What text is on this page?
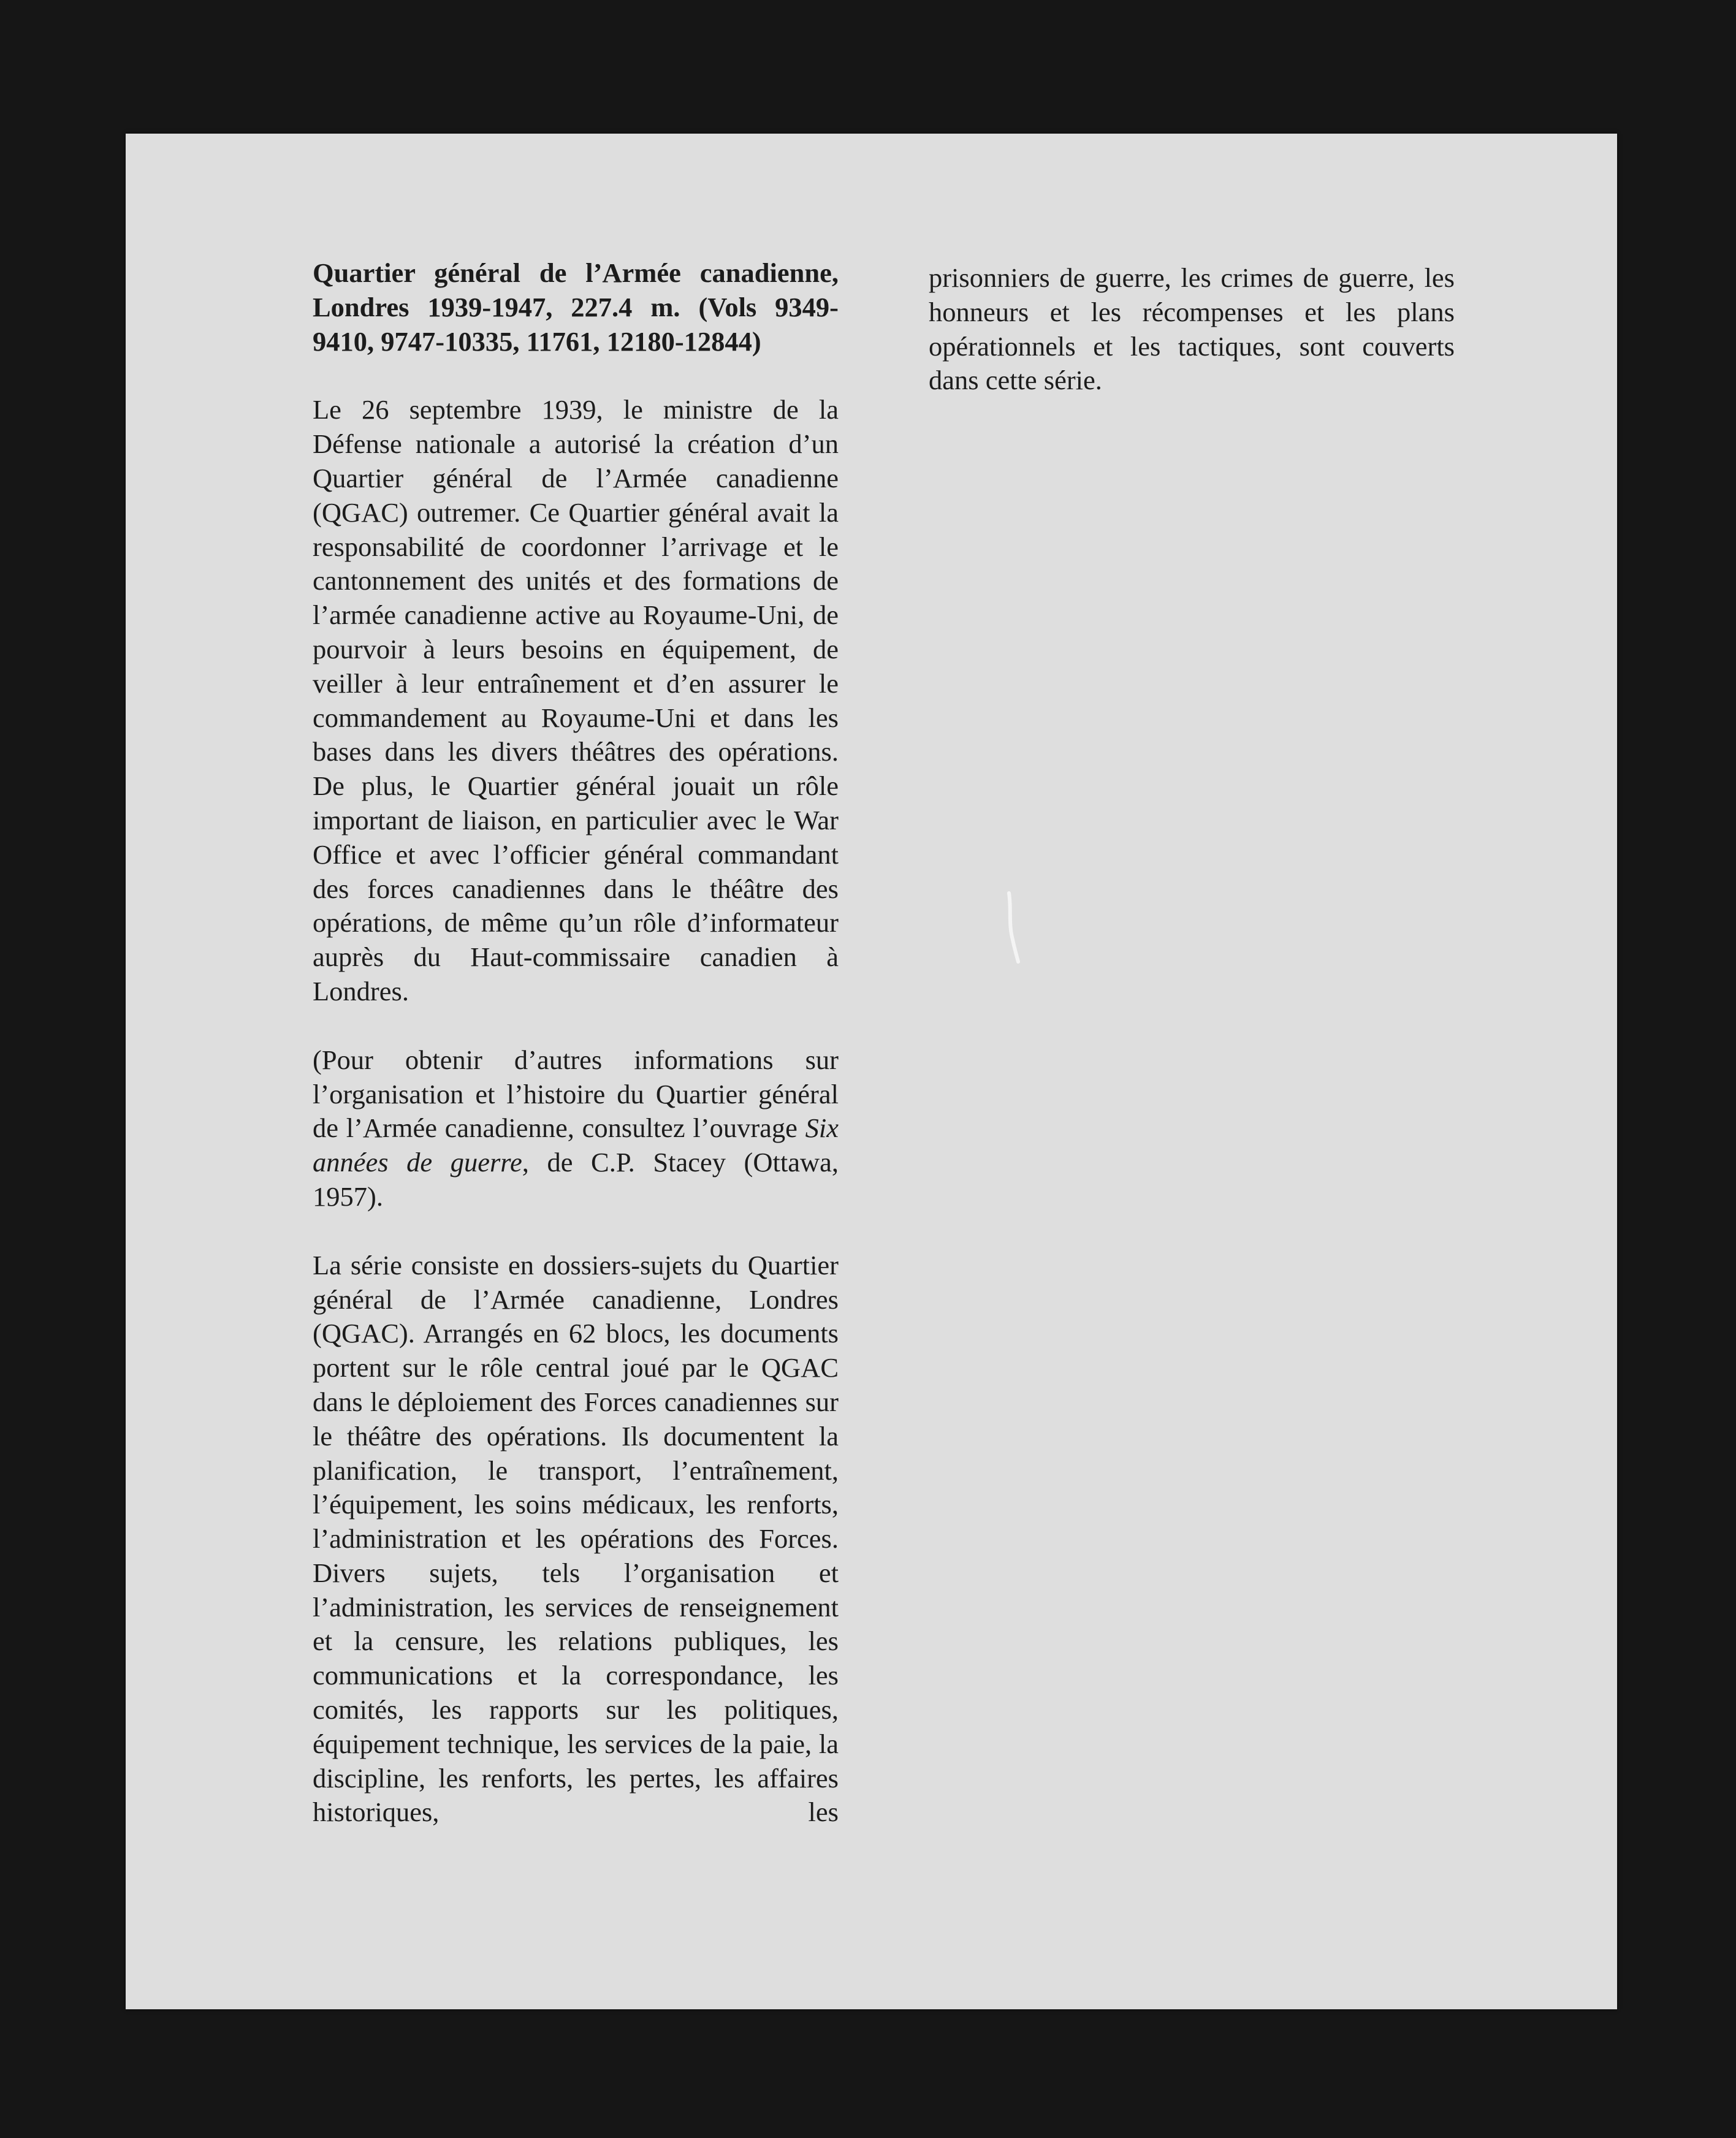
Quartier général de l’Armée canadienne, Londres 1939-1947, 227.4 m. (Vols 9349-9410, 9747-10335, 11761, 12180-12844)

Le 26 septembre 1939, le ministre de la Défense nationale a autorisé la création d’un Quartier général de l’Armée canadienne (QGAC) outremer. Ce Quartier général avait la responsabilité de coordonner l’arrivage et le cantonnement des unités et des formations de l’armée canadienne active au Royaume-Uni, de pourvoir à leurs besoins en équipement, de veiller à leur entraînement et d’en assurer le commandement au Royaume-Uni et dans les bases dans les divers théâtres des opérations. De plus, le Quartier général jouait un rôle important de liaison, en particulier avec le War Office et avec l’officier général commandant des forces canadiennes dans le théâtre des opérations, de même qu’un rôle d’informateur auprès du Haut-commissaire canadien à Londres.

(Pour obtenir d’autres informations sur l’organisation et l’histoire du Quartier général de l’Armée canadienne, consultez l’ouvrage Six années de guerre, de C.P. Stacey (Ottawa, 1957).

La série consiste en dossiers-sujets du Quartier général de l’Armée canadienne, Londres (QGAC). Arrangés en 62 blocs, les documents portent sur le rôle central joué par le QGAC dans le déploiement des Forces canadiennes sur le théâtre des opérations. Ils documentent la planification, le transport, l’entraînement, l’équipement, les soins médicaux, les renforts, l’administration et les opérations des Forces. Divers sujets, tels l’organisation et l’administration, les services de renseignement et la censure, les relations publiques, les communications et la correspondance, les comités, les rapports sur les politiques, équipement technique, les services de la paie, la discipline, les renforts, les pertes, les affaires historiques, les

prisonniers de guerre, les crimes de guerre, les honneurs et les récompenses et les plans opérationnels et les tactiques, sont couverts dans cette série.
